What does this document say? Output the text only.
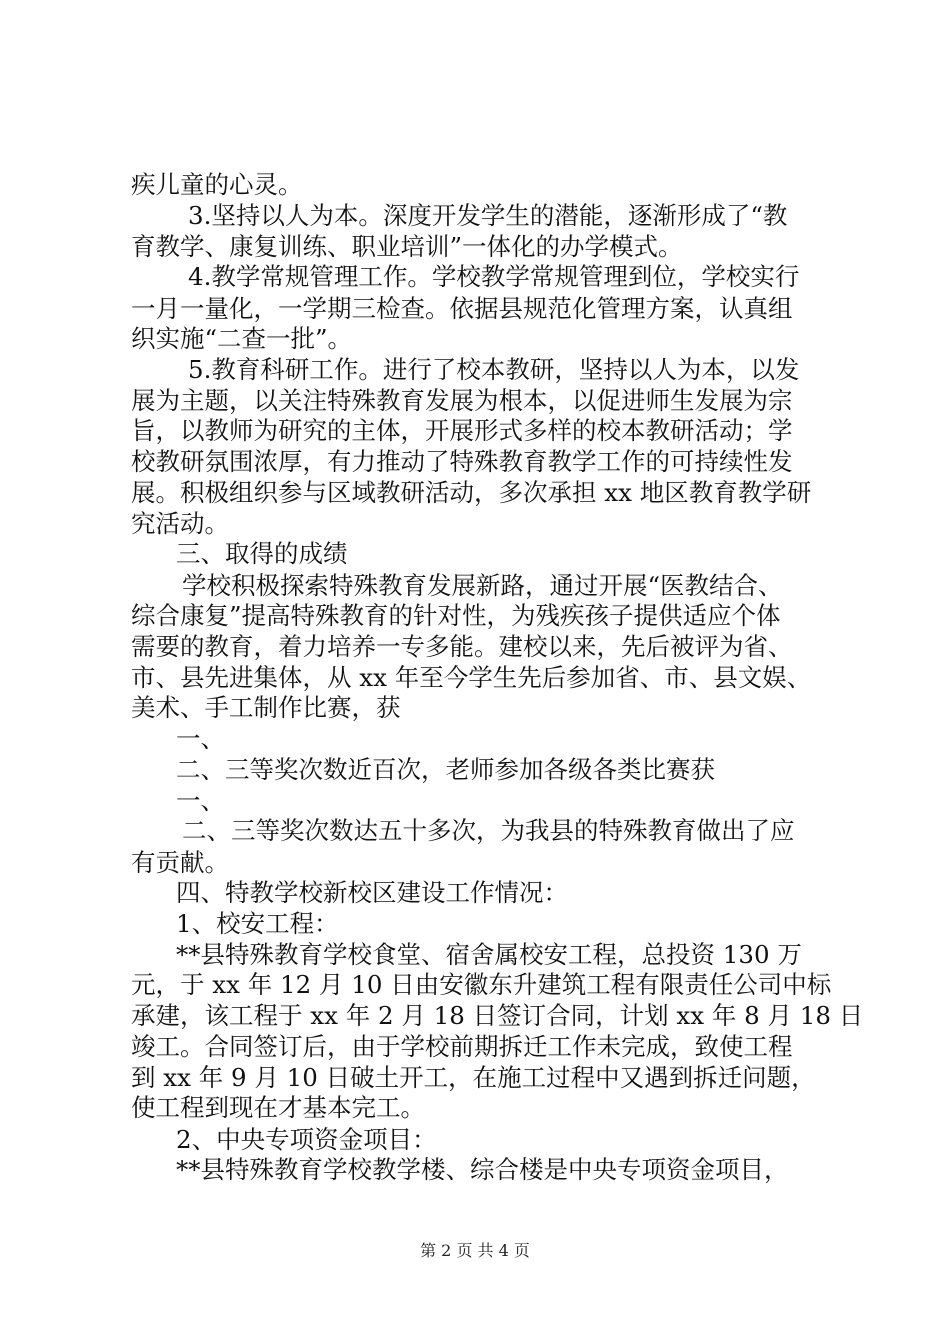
疾儿童的心灵。
3.坚持以人为本。深度开发学生的潜能，逐渐形成了“教
育教学、康复训练、职业培训”一体化的办学模式。
4.教学常规管理工作。学校教学常规管理到位，学校实行
一月一量化，一学期三检查。依据县规范化管理方案，认真组
织实施“二查一批”。
5.教育科研工作。进行了校本教研，坚持以人为本，以发
展为主题，以关注特殊教育发展为根本，以促进师生发展为宗
旨，以教师为研究的主体，开展形式多样的校本教研活动；学
校教研氛围浓厚，有力推动了特殊教育教学工作的可持续性发
展。积极组织参与区域教研活动，多次承担 xx 地区教育教学研
究活动。
三、取得的成绩
学校积极探索特殊教育发展新路，通过开展“医教结合、
综合康复”提高特殊教育的针对性，为残疾孩子提供适应个体
需要的教育，着力培养一专多能。建校以来，先后被评为省、
市、县先进集体，从 xx 年至今学生先后参加省、市、县文娱、
美术、手工制作比赛，获
一、
二、三等奖次数近百次，老师参加各级各类比赛获
一、
二、三等奖次数达五十多次，为我县的特殊教育做出了应
有贡献。
四、特教学校新校区建设工作情况：
1、校安工程：
**县特殊教育学校食堂、宿舍属校安工程，总投资 130 万
元，于 xx 年 12 月 10 日由安徽东升建筑工程有限责任公司中标
承建，该工程于 xx 年 2 月 18 日签订合同，计划 xx 年 8 月 18 日
竣工。合同签订后，由于学校前期拆迁工作未完成，致使工程
到 xx 年 9 月 10 日破土开工，在施工过程中又遇到拆迁问题，
使工程到现在才基本完工。
2、中央专项资金项目：
**县特殊教育学校教学楼、综合楼是中央专项资金项目，
第 2 页 共 4 页
